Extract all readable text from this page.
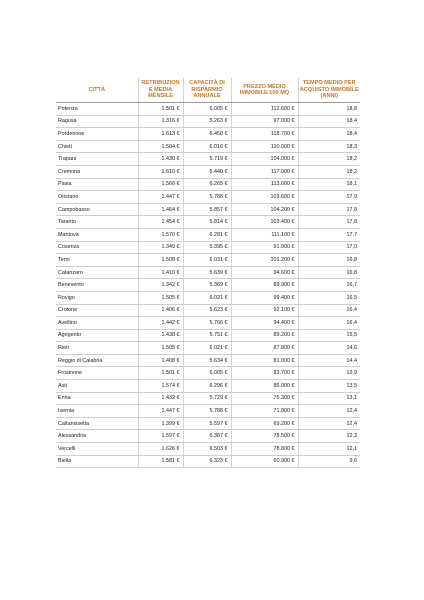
CITTÀ	RETRIBUZION E MEDIA MENSILE	CAPACITÀ DI RISPARMIO ANNUALE	PREZZO MEDIO IMMOBILE 100 MQ	TEMPO MEDIO PER ACQUISTO IMMOBILE (ANNI)
Potenza	1.501 €	6.005 €	112.600 €	18,8
Ragusa	1.316 €	5.263 €	97.000 €	18,4
Pordenone	1.613 €	6.450 €	118.700 €	18,4
Chieti	1.504 €	6.016 €	110.000 €	18,3
Trapani	1.430 €	5.719 €	104.000 €	18,2
Cremona	1.610 €	6.440 €	117.000 €	18,2
Pavia	1.566 €	6.265 €	113.600 €	18,1
Oristano	1.447 €	5.788 €	103.600 €	17,9
Campobasso	1.464 €	5.857 €	104.200 €	17,8
Taranto	1.454 €	5.814 €	103.400 €	17,8
Mantova	1.570 €	6.281 €	111.100 €	17,7
Cosenza	1.349 €	5.395 €	91.900 €	17,0
Terni	1.508 €	6.031 €	101.200 €	16,8
Catanzaro	1.410 €	5.639 €	94.600 €	16,8
Benevento	1.342 €	5.369 €	89.900 €	16,7
Rovigo	1.505 €	6.021 €	99.400 €	16,5
Crotone	1.406 €	5.623 €	92.100 €	16,4
Avellino	1.442 €	5.766 €	94.400 €	16,4
Agrigento	1.438 €	5.751 €	89.200 €	15,5
Rieti	1.505 €	6.021 €	87.800 €	14,6
Reggio di Calabria	1.408 €	5.634 €	81.000 €	14,4
Frosinone	1.501 €	6.005 €	83.700 €	13,9
Asti	1.574 €	6.296 €	85.000 €	13,5
Enna	1.432 €	5.729 €	75.300 €	13,1
Isernia	1.447 €	5.788 €	71.800 €	12,4
Caltanissetta	1.399 €	5.597 €	69.200 €	12,4
Alessandria	1.597 €	6.387 €	78.500 €	12,3
Vercelli	1.626 €	6.503 €	78.800 €	12,1
Biella	1.581 €	6.323 €	60.900 €	9,6
